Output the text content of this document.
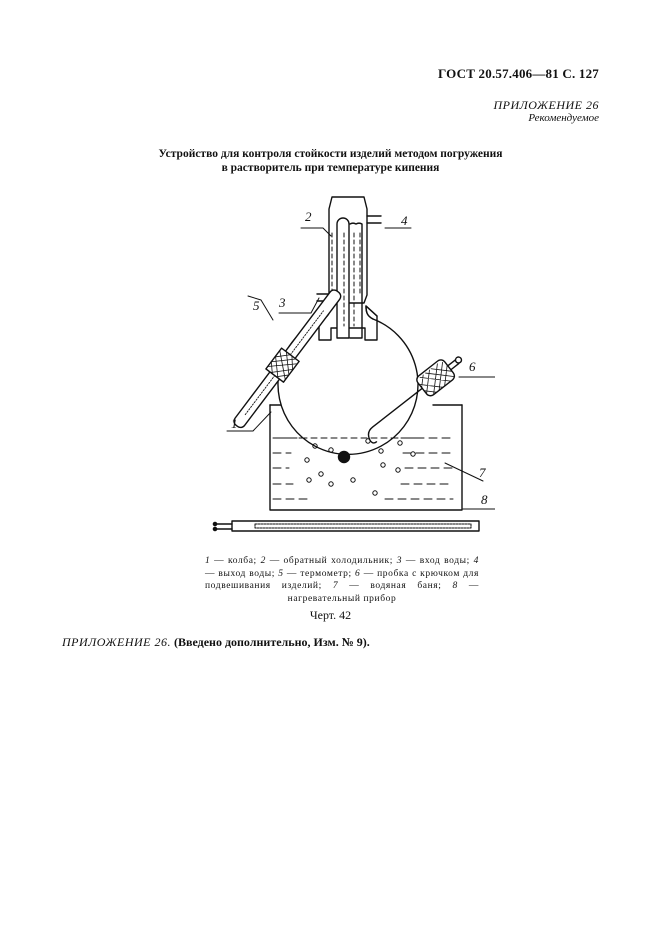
ГОСТ 20.57.406—81 С. 127
ПРИЛОЖЕНИЕ 26
Рекомендуемое
Устройство для контроля стойкости изделий методом погружения
в растворитель при температуре кипения
2	4
3
5
1
6
7
8
1 — колба; 2 — обратный холодильник; 3 — вход воды; 4 — выход воды; 5 — термометр; 6 — пробка с крючком для подвешивания изделий; 7 — водяная баня; 8 — нагревательный прибор
Черт. 42
ПРИЛОЖЕНИЕ 26. (Введено дополнительно, Изм. № 9).
